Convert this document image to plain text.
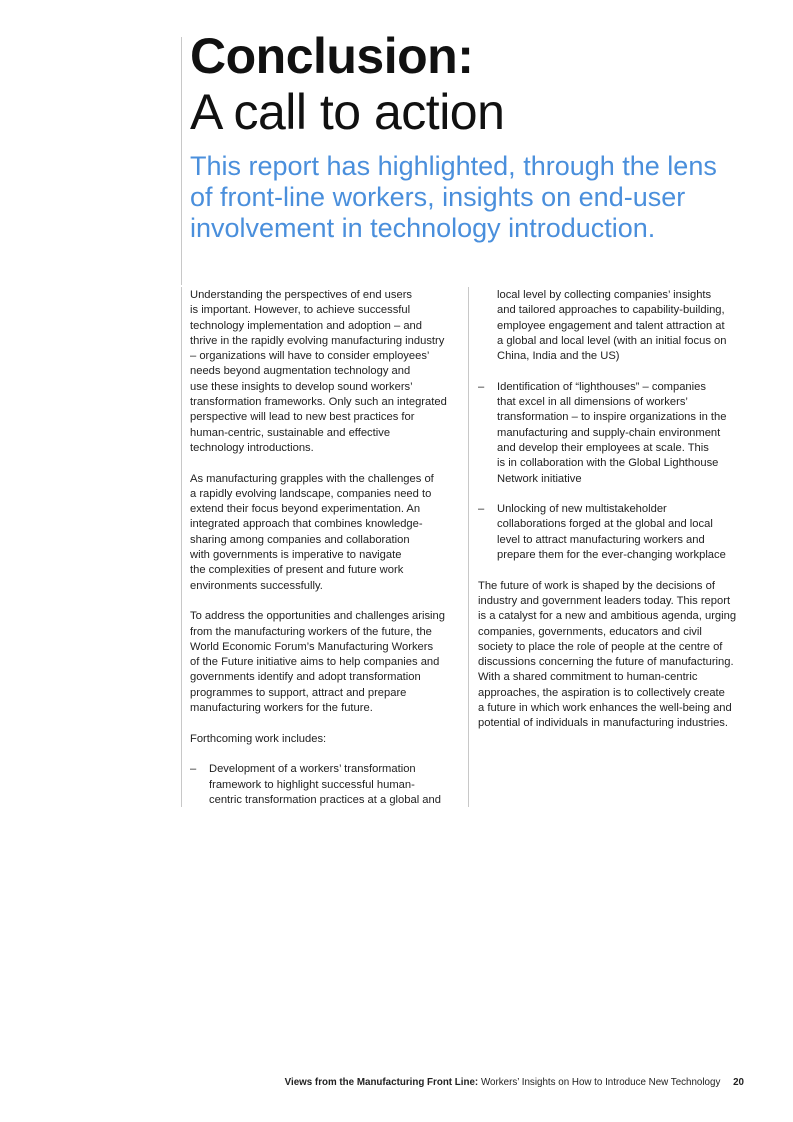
Conclusion:
A call to action
This report has highlighted, through the lens
of front-line workers, insights on end-user
involvement in technology introduction.

Understanding the perspectives of end users
is important. However, to achieve successful
technology implementation and adoption – and
thrive in the rapidly evolving manufacturing industry
– organizations will have to consider employees’
needs beyond augmentation technology and
use these insights to develop sound workers’
transformation frameworks. Only such an integrated
perspective will lead to new best practices for
human-centric, sustainable and effective
technology introductions.

As manufacturing grapples with the challenges of
a rapidly evolving landscape, companies need to
extend their focus beyond experimentation. An
integrated approach that combines knowledge-
sharing among companies and collaboration
with governments is imperative to navigate
the complexities of present and future work
environments successfully.

To address the opportunities and challenges arising
from the manufacturing workers of the future, the
World Economic Forum’s Manufacturing Workers
of the Future initiative aims to help companies and
governments identify and adopt transformation
programmes to support, attract and prepare
manufacturing workers for the future.

Forthcoming work includes:

– Development of a workers’ transformation
framework to highlight successful human-
centric transformation practices at a global and
local level by collecting companies’ insights
and tailored approaches to capability-building,
employee engagement and talent attraction at
a global and local level (with an initial focus on
China, India and the US)
– Identification of “lighthouses” – companies
that excel in all dimensions of workers’
transformation – to inspire organizations in the
manufacturing and supply-chain environment
and develop their employees at scale. This
is in collaboration with the Global Lighthouse
Network initiative
– Unlocking of new multistakeholder
collaborations forged at the global and local
level to attract manufacturing workers and
prepare them for the ever-changing workplace

The future of work is shaped by the decisions of
industry and government leaders today. This report
is a catalyst for a new and ambitious agenda, urging
companies, governments, educators and civil
society to place the role of people at the centre of
discussions concerning the future of manufacturing.
With a shared commitment to human-centric
approaches, the aspiration is to collectively create
a future in which work enhances the well-being and
potential of individuals in manufacturing industries.

Views from the Manufacturing Front Line: Workers’ Insights on How to Introduce New Technology 20
